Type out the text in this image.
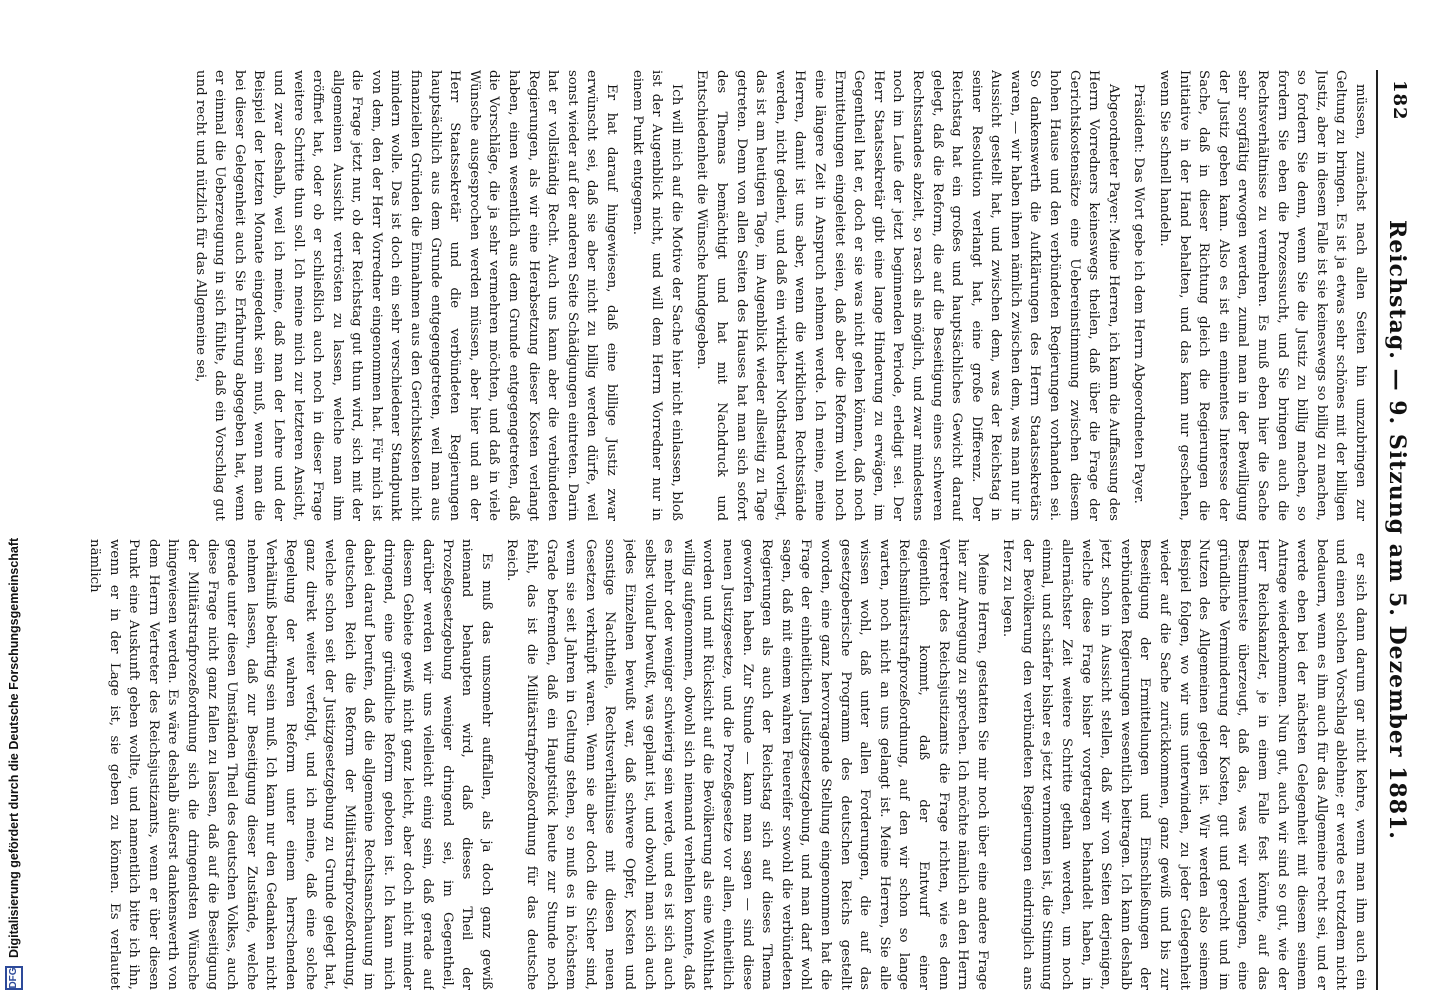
182
Reichstag. — 9. Sitzung am 5. Dezember 1881.

müssen, zunächst nach allen Seiten hin umzubringen zur Geltung zu bringen. Es ist ja etwas sehr schönes mit der billigen Justiz, aber in diesem Falle ist sie keineswegs so billig zu machen, so fordern Sie denn, wenn Sie die Justiz zu billig machen, so fordern Sie eben die Prozesssucht, und Sie bringen auch die Rechtsverhältnisse zu vermehren. Es muß eben hier die Sache sehr sorgfältig erwogen werden, zumal man in der Bewilligung der Justiz geben kann. Also es ist ein eminentes Interesse der Sache, daß in dieser Richtung gleich die Regierungen die Initiative in der Hand behalten, und das kann nur geschehen, wenn Sie schnell handeln.

Präsident: Das Wort gebe ich dem Herrn Abgeordneten Payer.

Abgeordneter Payer: Meine Herren, ich kann die Auffassung des Herrn Vorredners keineswegs theilen, daß über die Frage der Gerichtskostensätze eine Uebereinstimmung zwischen diesem hohen Hause und den verbündeten Regierungen vorhanden sei. So dankenswerth die Aufklärungen des Herrn Staatssekretärs waren, — wir haben ihnen nämlich zwischen dem, was man nur in Aussicht gestellt hat, und zwischen dem, was der Reichstag in seiner Resolution verlangt hat, eine große Differenz. Der Reichstag hat ein großes und hauptsächliches Gewicht darauf gelegt, daß die Reform, die auf die Beseitigung eines schweren Rechtsstandes abzielt, so rasch als möglich, und zwar mindestens noch im Laufe der jetzt beginnenden Periode, erledigt sei. Der Herr Staatssekretär gibt eine lange Hinderung zu erwägen, im Gegentheil hat er, doch er sie was nicht gehen können, daß noch Ermittelungen eingeleitet seien, daß aber die Reform wohl noch eine längere Zeit in Anspruch nehmen werde. Ich meine, meine Herren, damit ist uns aber, wenn die wirklichen Rechtsstände werden, nicht gedient, und daß ein wirklicher Nothstand vorliegt, das ist am heutigen Tage, im Augenblick wieder allseitig zu Tage getreten. Denn von allen Seiten des Hauses hat man sich sofort des Themas bemächtigt und hat mit Nachdruck und Entschiedenheit die Wünsche kundgegeben.

Ich will mich auf die Motive der Sache hier nicht einlassen, bloß ist der Augenblick nicht, und will dem Herrn Vorredner nur in einem Punkt entgegnen.

Er hat darauf hingewiesen, daß eine billige Justiz zwar erwünscht sei, daß sie aber nicht zu billig werden dürfe, weil sonst wieder auf der anderen Seite Schädigungen eintreten. Darin hat er vollständig Recht. Auch uns kann aber die verbündeten Regierungen, als wir eine Herabsetzung dieser Kosten verlangt haben, einen wesentlich aus dem Grunde entgegengetreten, daß die Vorschläge, die ja sehr vermehren möchten, und daß in viele Wünsche ausgesprochen werden müssen, aber hier und an der Herr Staatssekretär und die verbündeten Regierungen hauptsächlich aus dem Grunde entgegengetreten, weil man aus finanziellen Gründen die Einnahmen aus den Gerichtskosten nicht mindern wolle. Das ist doch ein sehr verschiedener Standpunkt von dem, den der Herr Vorredner eingenommen hat. Für mich ist die Frage jetzt nur, ob der Reichstag gut thun wird, sich mit der allgemeinen Aussicht vertrösten zu lassen, welche man ihm eröffnet hat, oder ob er schließlich auch noch in dieser Frage weitere Schritte thun soll. Ich meine mich zur letzteren Ansicht, und zwar deshalb, weil ich meine, daß man der Lehre und der Beispiel der letzten Monate eingedenk sein muß, wenn man die bei dieser Gelegenheit auch Sie Erfahrung abgegeben hat, wenn er einmal die Ueberzeugung in sich fühlte, daß ein Vorschlag gut und recht und nützlich für das Allgemeine sei,

er sich dann darum gar nicht kehre, wenn man ihm auch ein und einen solchen Vorschlag ablehne; er werde es trotzdem nicht bedauern, wenn es ihm auch für das Allgemeine recht sei, und er werde eben bei der nächsten Gelegenheit mit diesem seinem Antrage wiederkommen. Nun gut, auch wir sind so gut, wie der Herr Reichskanzler, je in einem Falle fest könnte, auf das Bestimmteste überzeugt, daß das, was wir verlangen, eine gründliche Verminderung der Kosten, gut und gerecht und im Nutzen des Allgemeinen gelegen ist. Wir werden also seinem Beispiel folgen, wo wir uns unterwinden, zu jeder Gelegenheit wieder auf die Sache zurückkommen, ganz gewiß und bis zur Beseitigung der Ermittelungen und Einschließungen der verbündeten Regierungen wesentlich beitragen. Ich kann deshalb jetzt schon in Aussicht stellen, daß wir von Seiten derjenigen, welche diese Frage bisher vorgetragen behandelt haben, in allernächster Zeit weitere Schritte gethan werden, um noch einmal, und schärfer bisher es jetzt vernommen ist, die Stimmung der Bevölkerung den verbündeten Regierungen eindringlich ans Herz zu legen.

Meine Herren, gestatten Sie mir noch über eine andere Frage hier zur Anregung zu sprechen. Ich möchte nämlich an den Herrn Vertreter des Reichsjustizamts die Frage richten, wie es denn eigentlich kommt, daß der Entwurf einer Reichsmilitärstrafprozeßordnung, auf den wir schon so lange warten, noch nicht an uns gelangt ist. Meine Herren, Sie alle wissen wohl, daß unter allen Forderungen, die auf das gesetzgeberische Programm des deutschen Reichs gestellt worden, eine ganz hervorragende Stellung eingenommen hat die Frage der einheitlichen Justizgesetzgebung, und man darf wohl sagen, daß mit einem wahren Feuereifer sowohl die verbündeten Regierungen als auch der Reichstag sich auf dieses Thema geworfen haben. Zur Stunde — kann man sagen — sind diese neuen Justizgesetze, und die Prozeßgesetze vor allen, einheitlich worden und mit Rücksicht auf die Bevölkerung als eine Wohlthat willig aufgenommen, obwohl sich niemand verhehlen konnte, daß es mehr oder weniger schwierig sein werde, und es ist sich auch selbst vollauf bewußt, was geplant ist, und obwohl man sich auch jedes Einzelnen bewußt war, daß schwere Opfer, Kosten und sonstige Nachtheile, Rechtsverhältnisse mit diesen neuen Gesetzen verknüpft waren. Wenn sie aber doch die Sicher sind, wenn sie seit Jahren in Geltung stehen, so muß es in höchstem Grade befremden, daß ein Hauptstück heute zur Stunde noch fehlt, das ist die Militärstrafprozeßordnung für das deutsche Reich.

Es muß das umsomehr auffallen, als ja doch ganz gewiß niemand behaupten wird, daß dieses Theil der Prozeßgesetzgebung weniger dringend sei, im Gegentheil, darüber werden wir uns vielleicht einig sein, daß gerade auf diesem Gebiete gewiß nicht ganz leicht, aber doch nicht minder dringend, eine gründliche Reform geboten ist. Ich kann mich dabei darauf berufen, daß die allgemeine Rechtsanschauung im deutschen Reich die Reform der Militärstrafprozeßordnung, welche schon seit der Justizgesetzgebung zu Grunde gelegt hat, ganz direkt weiter verfolgt, und ich meine, daß eine solche Regelung der wahren Reform unter einem herrschenden Verhältniß bedürftig sein muß. Ich kann nur den Gedanken nicht nehmen lassen, daß zur Beseitigung dieser Zustände, welche gerade unter diesen Umständen Theil des deutschen Volkes, auch diese Frage nicht ganz fallen zu lassen, daß auf die Beseitigung der Militärstrafprozeßordnung sich die dringendsten Wünsche hingewiesen werden. Es wäre deshalb äußerst dankenswerth von dem Herrn Vertreter des Reichsjustizamts, wenn er über diesen Punkt eine Auskunft geben wollte, und namentlich bitte ich ihn, wenn er in der Lage ist, sie geben zu können. Es verlautet nämlich

DFG
Digitalisierung gefördert durch die Deutsche Forschungsgemeinschaft
